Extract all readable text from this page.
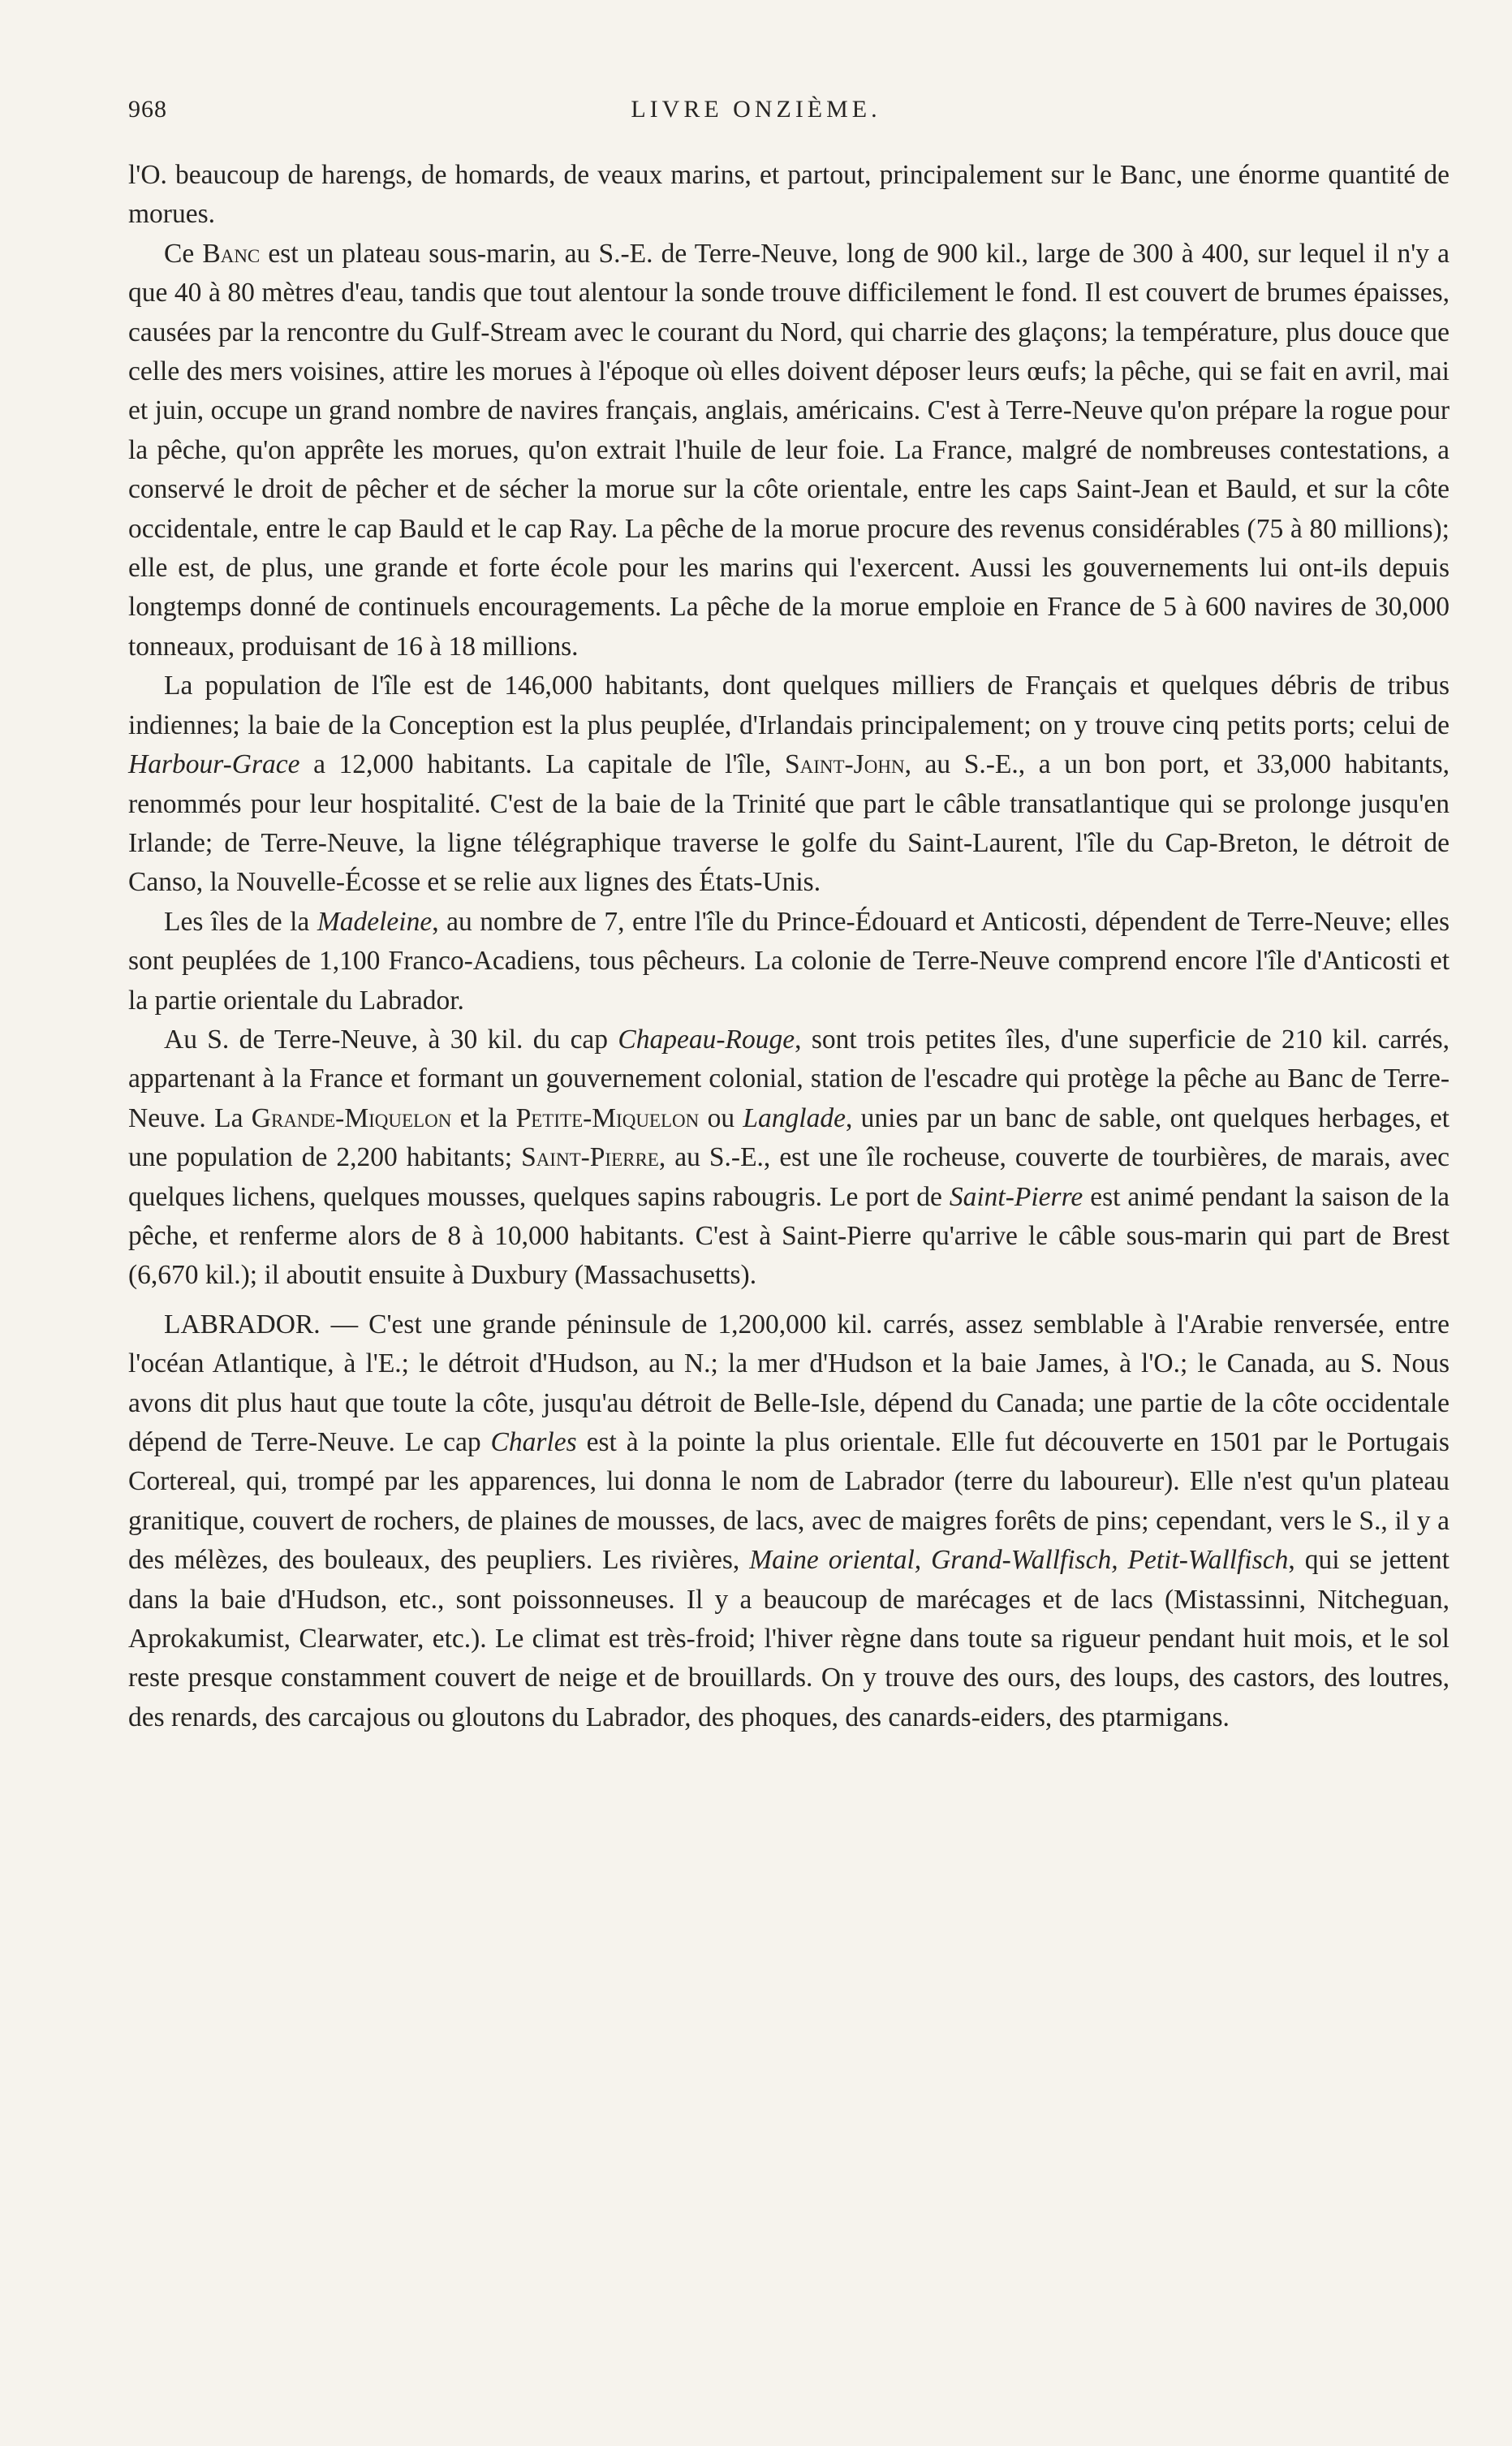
968	LIVRE ONZIÈME.

l'O. beaucoup de harengs, de homards, de veaux marins, et partout, principalement sur le Banc, une énorme quantité de morues.

Ce Banc est un plateau sous-marin, au S.-E. de Terre-Neuve, long de 900 kil., large de 300 à 400, sur lequel il n'y a que 40 à 80 mètres d'eau, tandis que tout alentour la sonde trouve difficilement le fond. Il est couvert de brumes épaisses, causées par la rencontre du Gulf-Stream avec le courant du Nord, qui charrie des glaçons; la température, plus douce que celle des mers voisines, attire les morues à l'époque où elles doivent déposer leurs œufs; la pêche, qui se fait en avril, mai et juin, occupe un grand nombre de navires français, anglais, américains. C'est à Terre-Neuve qu'on prépare la rogue pour la pêche, qu'on apprête les morues, qu'on extrait l'huile de leur foie. La France, malgré de nombreuses contestations, a conservé le droit de pêcher et de sécher la morue sur la côte orientale, entre les caps Saint-Jean et Bauld, et sur la côte occidentale, entre le cap Bauld et le cap Ray. La pêche de la morue procure des revenus considérables (75 à 80 millions); elle est, de plus, une grande et forte école pour les marins qui l'exercent. Aussi les gouvernements lui ont-ils depuis longtemps donné de continuels encouragements. La pêche de la morue emploie en France de 5 à 600 navires de 30,000 tonneaux, produisant de 16 à 18 millions.

La population de l'île est de 146,000 habitants, dont quelques milliers de Français et quelques débris de tribus indiennes; la baie de la Conception est la plus peuplée, d'Irlandais principalement; on y trouve cinq petits ports; celui de Harbour-Grace a 12,000 habitants. La capitale de l'île, Saint-John, au S.-E., a un bon port, et 33,000 habitants, renommés pour leur hospitalité. C'est de la baie de la Trinité que part le câble transatlantique qui se prolonge jusqu'en Irlande; de Terre-Neuve, la ligne télégraphique traverse le golfe du Saint-Laurent, l'île du Cap-Breton, le détroit de Canso, la Nouvelle-Écosse et se relie aux lignes des États-Unis.

Les îles de la Madeleine, au nombre de 7, entre l'île du Prince-Édouard et Anticosti, dépendent de Terre-Neuve; elles sont peuplées de 1,100 Franco-Acadiens, tous pêcheurs. La colonie de Terre-Neuve comprend encore l'île d'Anticosti et la partie orientale du Labrador.

Au S. de Terre-Neuve, à 30 kil. du cap Chapeau-Rouge, sont trois petites îles, d'une superficie de 210 kil. carrés, appartenant à la France et formant un gouvernement colonial, station de l'escadre qui protège la pêche au Banc de Terre-Neuve. La Grande-Miquelon et la Petite-Miquelon ou Langlade, unies par un banc de sable, ont quelques herbages, et une population de 2,200 habitants; Saint-Pierre, au S.-E., est une île rocheuse, couverte de tourbières, de marais, avec quelques lichens, quelques mousses, quelques sapins rabougris. Le port de Saint-Pierre est animé pendant la saison de la pêche, et renferme alors de 8 à 10,000 habitants. C'est à Saint-Pierre qu'arrive le câble sous-marin qui part de Brest (6,670 kil.); il aboutit ensuite à Duxbury (Massachusetts).

LABRADOR. — C'est une grande péninsule de 1,200,000 kil. carrés, assez semblable à l'Arabie renversée, entre l'océan Atlantique, à l'E.; le détroit d'Hudson, au N.; la mer d'Hudson et la baie James, à l'O.; le Canada, au S. Nous avons dit plus haut que toute la côte, jusqu'au détroit de Belle-Isle, dépend du Canada; une partie de la côte occidentale dépend de Terre-Neuve. Le cap Charles est à la pointe la plus orientale. Elle fut découverte en 1501 par le Portugais Cortereal, qui, trompé par les apparences, lui donna le nom de Labrador (terre du laboureur). Elle n'est qu'un plateau granitique, couvert de rochers, de plaines de mousses, de lacs, avec de maigres forêts de pins; cependant, vers le S., il y a des mélèzes, des bouleaux, des peupliers. Les rivières, Maine oriental, Grand-Wallfisch, Petit-Wallfisch, qui se jettent dans la baie d'Hudson, etc., sont poissonneuses. Il y a beaucoup de marécages et de lacs (Mistassinni, Nitcheguan, Aprokakumist, Clearwater, etc.). Le climat est très-froid; l'hiver règne dans toute sa rigueur pendant huit mois, et le sol reste presque constamment couvert de neige et de brouillards. On y trouve des ours, des loups, des castors, des loutres, des renards, des carcajous ou gloutons du Labrador, des phoques, des canards-eiders, des ptarmigans.
